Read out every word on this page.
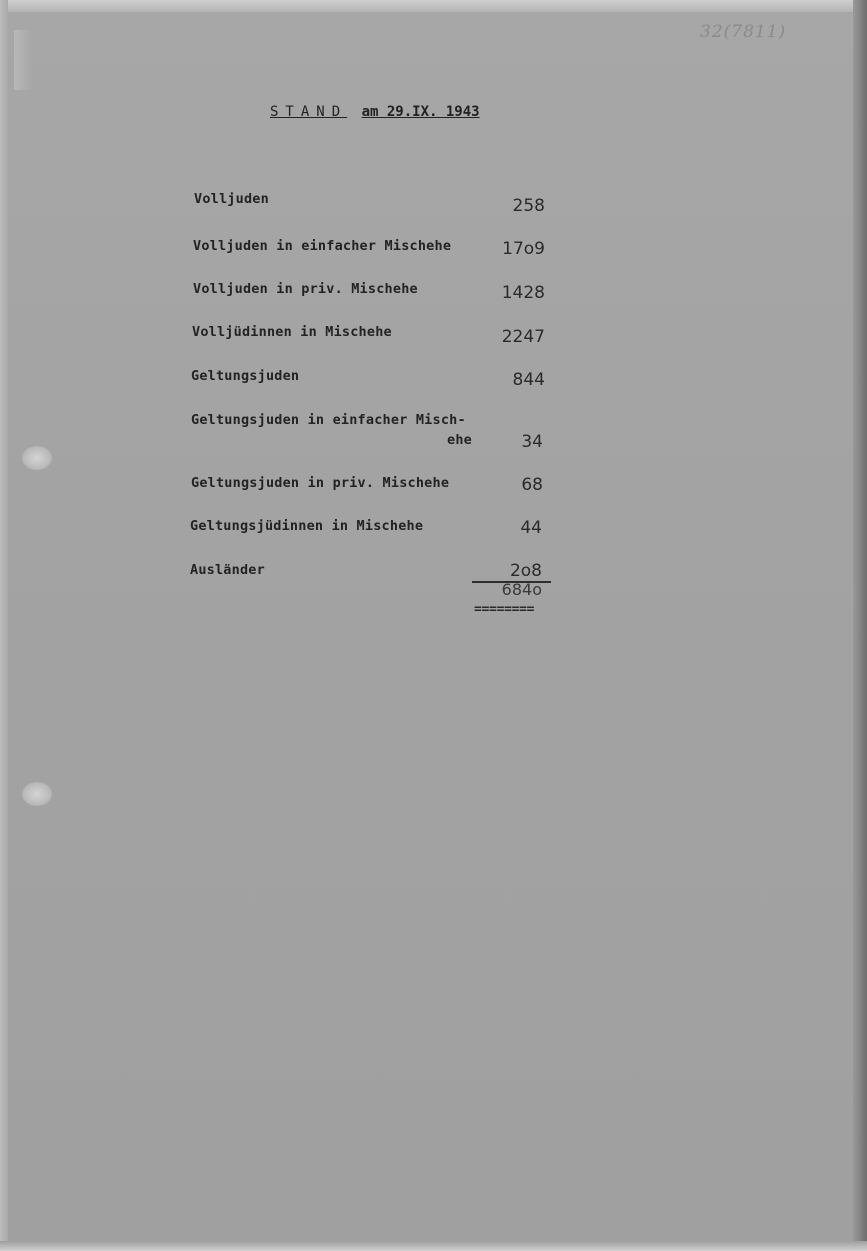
32(7811)
STAND am 29.IX. 1943
Volljuden	258
Volljuden in einfacher Mischehe	17o9
Volljuden in priv. Mischehe	1428
Volljüdinnen in Mischehe	2247
Geltungsjuden	844
Geltungsjuden in einfacher Misch-
ehe	34
Geltungsjuden in priv. Mischehe	68
Geltungsjüdinnen in Mischehe	44
Ausländer	2o8
684o
========
